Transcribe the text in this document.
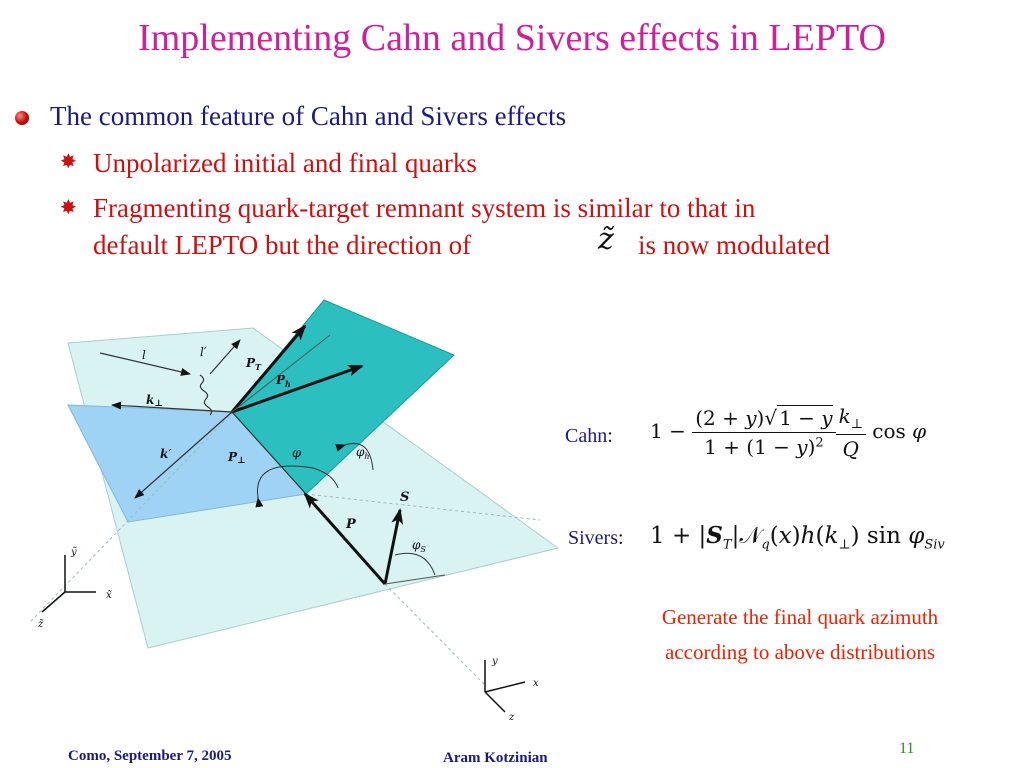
Implementing Cahn and Sivers effects in LEPTO
The common feature of Cahn and Sivers effects
✸ Unpolarized initial and final quarks
✸ Fragmenting quark-target remnant system is similar to that in
default LEPTO but the direction of	z̃ is now modulated
l	l′
$P_T$
$P_h$
k⊥
k′	P⊥	φ	$\varphi_h$
S
P
$\varphi_S$
ỹ
x̃
z̃
y
x
z
Cahn: $1 - \frac{(2 + y)√ 1 - y}{1 + (1 - y)^2} \frac{k_\perp}{Q}$ cos φ
Sivers: $1 + |S_T|𝒩_q(x)h(k_\perp)$ $\sin \varphi_{Siv}$
Generate the final quark azimuth
according to above distributions
Como, September 7, 2005	Aram Kotzinian
11
